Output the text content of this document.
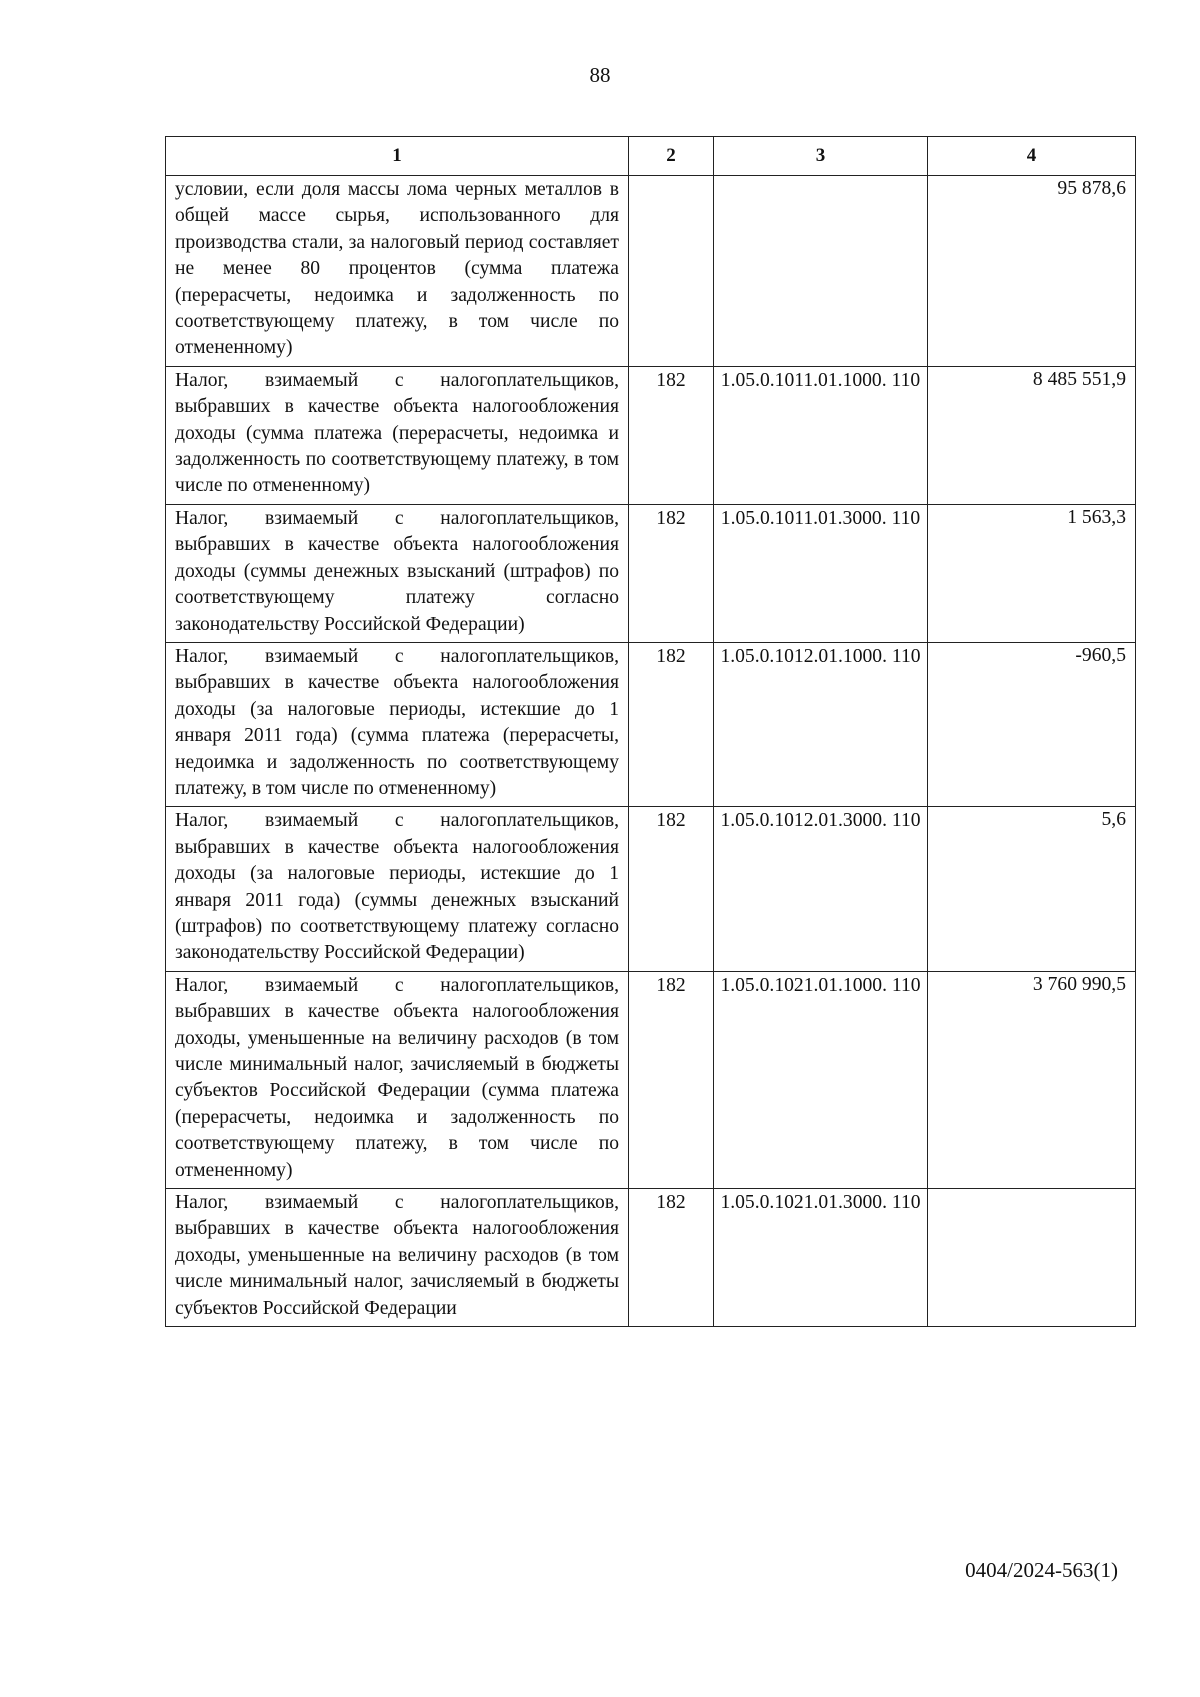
88
1	2	3	4
условии, если доля массы лома черных металлов в общей массе сырья, использованного для производства стали, за налоговый период составляет не менее 80 процентов (сумма платежа (перерасчеты, недоимка и задолженность по соответствующему платежу, в том числе по отмененному)			95 878,6
Налог, взимаемый с налогоплательщиков, выбравших в качестве объекта налогообложения доходы (сумма платежа (перерасчеты, недоимка и задолженность по соответствующему платежу, в том числе по отмененному)	182	1.05.0.1011.01.1000. 110	8 485 551,9
Налог, взимаемый с налогоплательщиков, выбравших в качестве объекта налогообложения доходы (суммы денежных взысканий (штрафов) по соответствующему платежу согласно законодательству Российской Федерации)	182	1.05.0.1011.01.3000. 110	1 563,3
Налог, взимаемый с налогоплательщиков, выбравших в качестве объекта налогообложения доходы (за налоговые периоды, истекшие до 1 января 2011 года) (сумма платежа (перерасчеты, недоимка и задолженность по соответствующему платежу, в том числе по отмененному)	182	1.05.0.1012.01.1000. 110	-960,5
Налог, взимаемый с налогоплательщиков, выбравших в качестве объекта налогообложения доходы (за налоговые периоды, истекшие до 1 января 2011 года) (суммы денежных взысканий (штрафов) по соответствующему платежу согласно законодательству Российской Федерации)	182	1.05.0.1012.01.3000. 110	5,6
Налог, взимаемый с налогоплательщиков, выбравших в качестве объекта налогообложения доходы, уменьшенные на величину расходов (в том числе минимальный налог, зачисляемый в бюджеты субъектов Российской Федерации (сумма платежа (перерасчеты, недоимка и задолженность по соответствующему платежу, в том числе по отмененному)	182	1.05.0.1021.01.1000. 110	3 760 990,5
Налог, взимаемый с налогоплательщиков, выбравших в качестве объекта налогообложения доходы, уменьшенные на величину расходов (в том числе минимальный налог, зачисляемый в бюджеты субъектов Российской Федерации	182	1.05.0.1021.01.3000. 110	
0404/2024-563(1)
